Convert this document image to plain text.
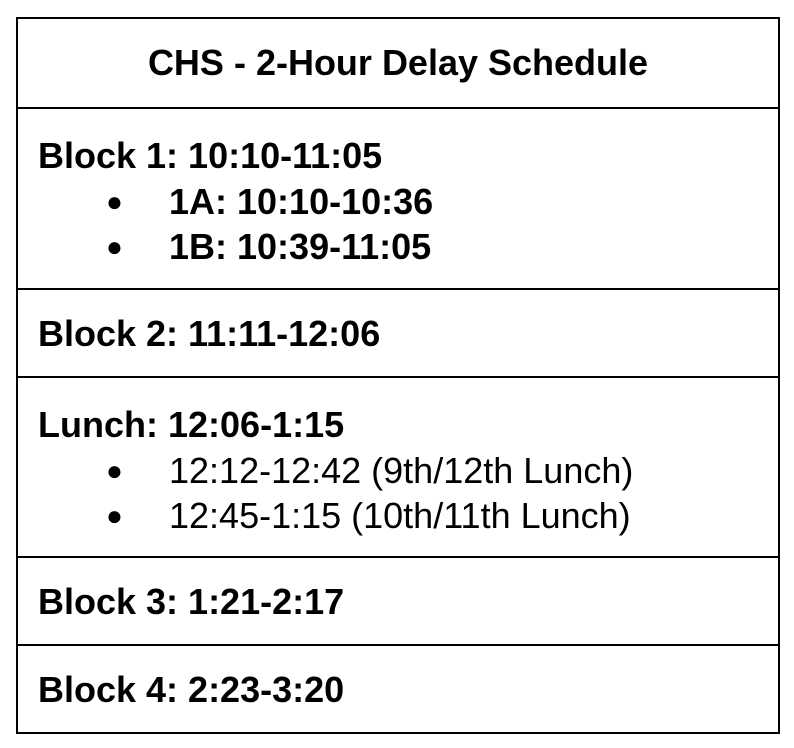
CHS - 2-Hour Delay Schedule

Block 1: 10:10-11:05

● 1A: 10:10-10:36
● 1B: 10:39-11:05

Block 2: 11:11-12:06

Lunch: 12:06-1:15

● 12:12-12:42 (9th/12th Lunch)
● 12:45-1:15 (10th/11th Lunch)

Block 3: 1:21-2:17

Block 4: 2:23-3:20
